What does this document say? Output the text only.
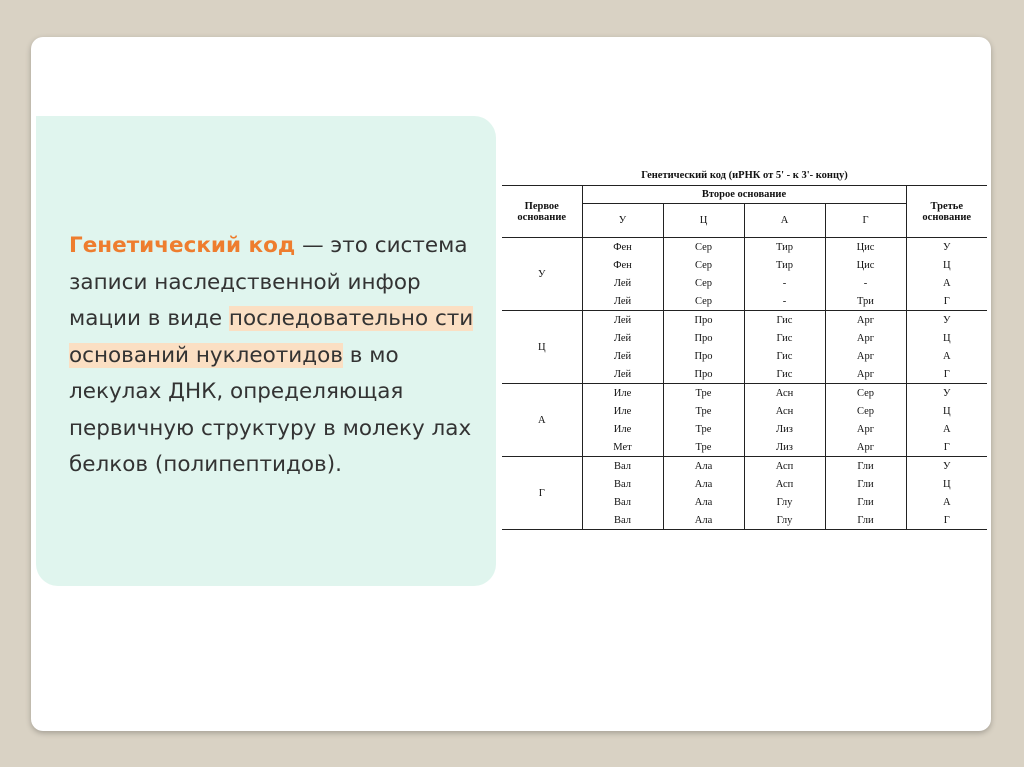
Генетический код — это система записи наследственной инфор мации в виде последовательно сти оснований нуклеотидов в мо лекулах ДНК, определяющая первичную структуру в молеку лах белков (полипептидов).

Генетический код (иРНК от 5' - к 3'- концу)
Первое основание	Второе основание				Третье основание
	У	Ц	А	Г	
У	Фен	Сер	Тир	Цис	У
	Фен	Сер	Тир	Цис	Ц
	Лей	Сер	-	-	А
	Лей	Сер	-	Три	Г
Ц	Лей	Про	Гис	Арг	У
	Лей	Про	Гис	Арг	Ц
	Лей	Про	Гис	Арг	А
	Лей	Про	Гис	Арг	Г
А	Иле	Тре	Асн	Сер	У
	Иле	Тре	Асн	Сер	Ц
	Иле	Тре	Лиз	Арг	А
	Мет	Тре	Лиз	Арг	Г
Г	Вал	Ала	Асп	Гли	У
	Вал	Ала	Асп	Гли	Ц
	Вал	Ала	Глу	Гли	А
	Вал	Ала	Глу	Гли	Г
